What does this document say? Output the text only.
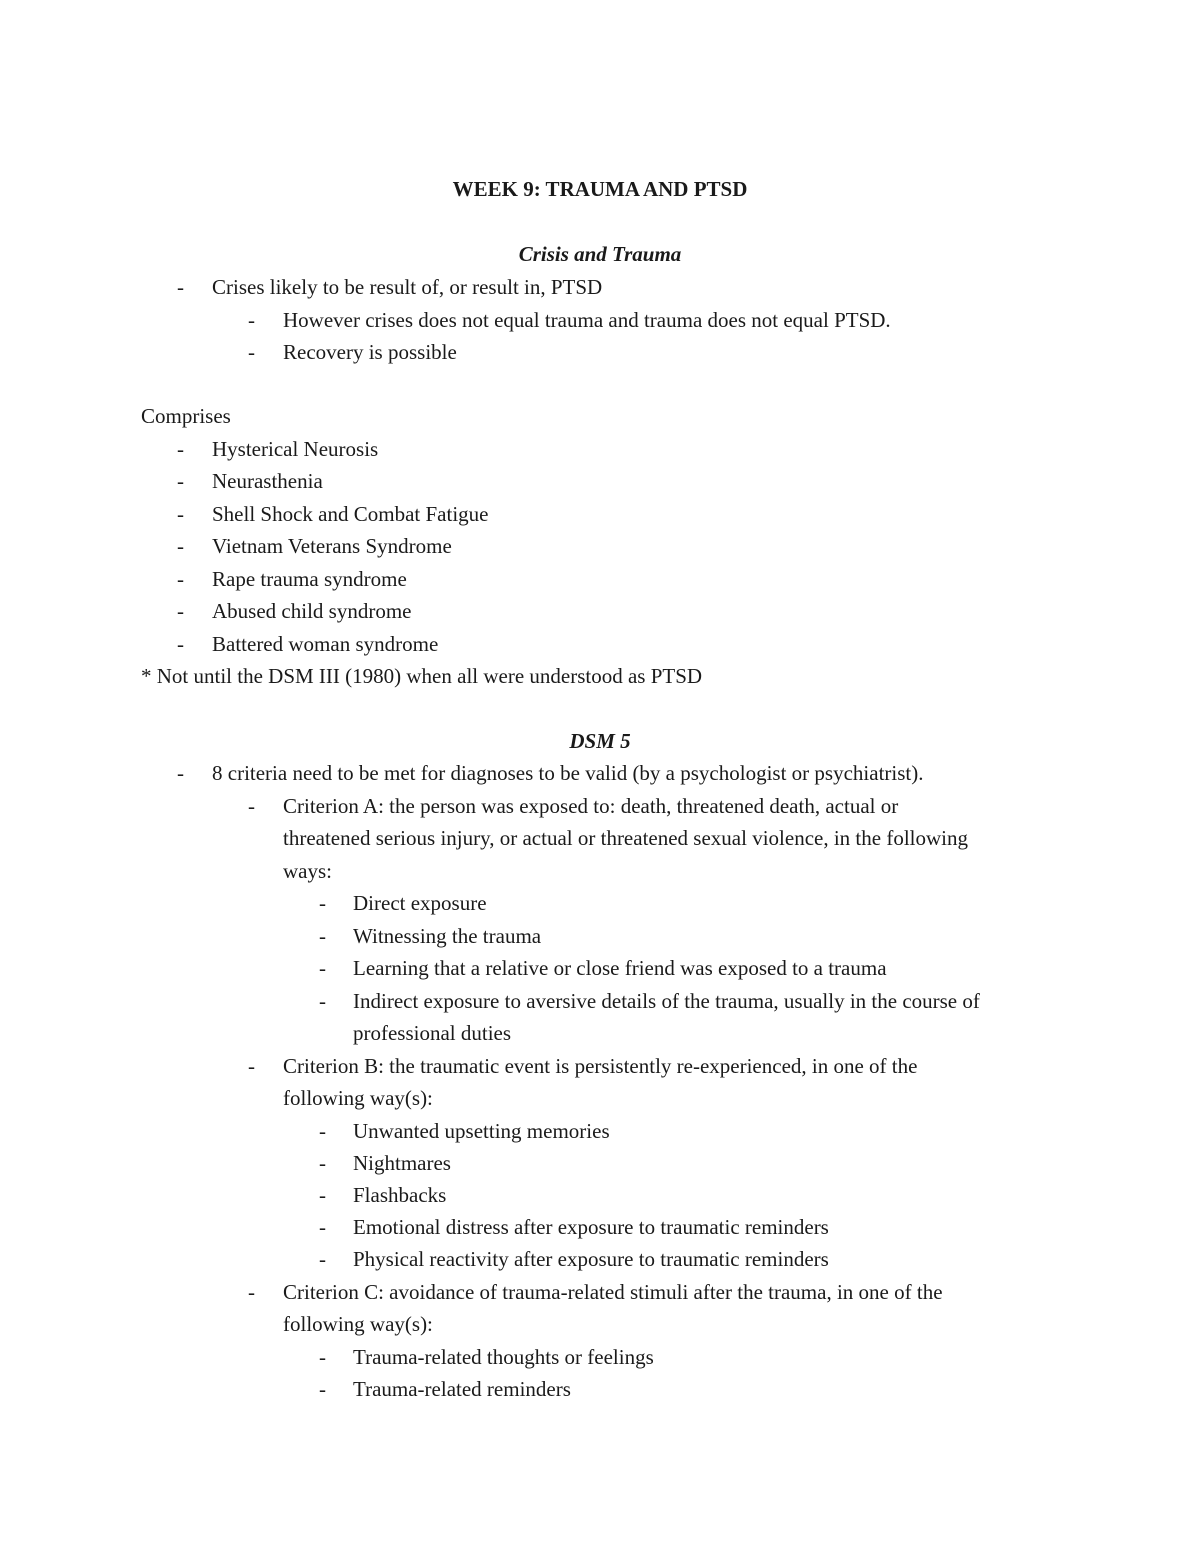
WEEK 9: TRAUMA AND PTSD
Crisis and Trauma
- Crises likely to be result of, or result in, PTSD
- However crises does not equal trauma and trauma does not equal PTSD.
- Recovery is possible
Comprises
- Hysterical Neurosis
- Neurasthenia
- Shell Shock and Combat Fatigue
- Vietnam Veterans Syndrome
- Rape trauma syndrome
- Abused child syndrome
- Battered woman syndrome
* Not until the DSM III (1980) when all were understood as PTSD
DSM 5
- 8 criteria need to be met for diagnoses to be valid (by a psychologist or psychiatrist).
- Criterion A: the person was exposed to: death, threatened death, actual or
threatened serious injury, or actual or threatened sexual violence, in the following
ways:
- Direct exposure
- Witnessing the trauma
- Learning that a relative or close friend was exposed to a trauma
- Indirect exposure to aversive details of the trauma, usually in the course of
professional duties
- Criterion B: the traumatic event is persistently re-experienced, in one of the
following way(s):
- Unwanted upsetting memories
- Nightmares
- Flashbacks
- Emotional distress after exposure to traumatic reminders
- Physical reactivity after exposure to traumatic reminders
- Criterion C: avoidance of trauma-related stimuli after the trauma, in one of the
following way(s):
- Trauma-related thoughts or feelings
- Trauma-related reminders
